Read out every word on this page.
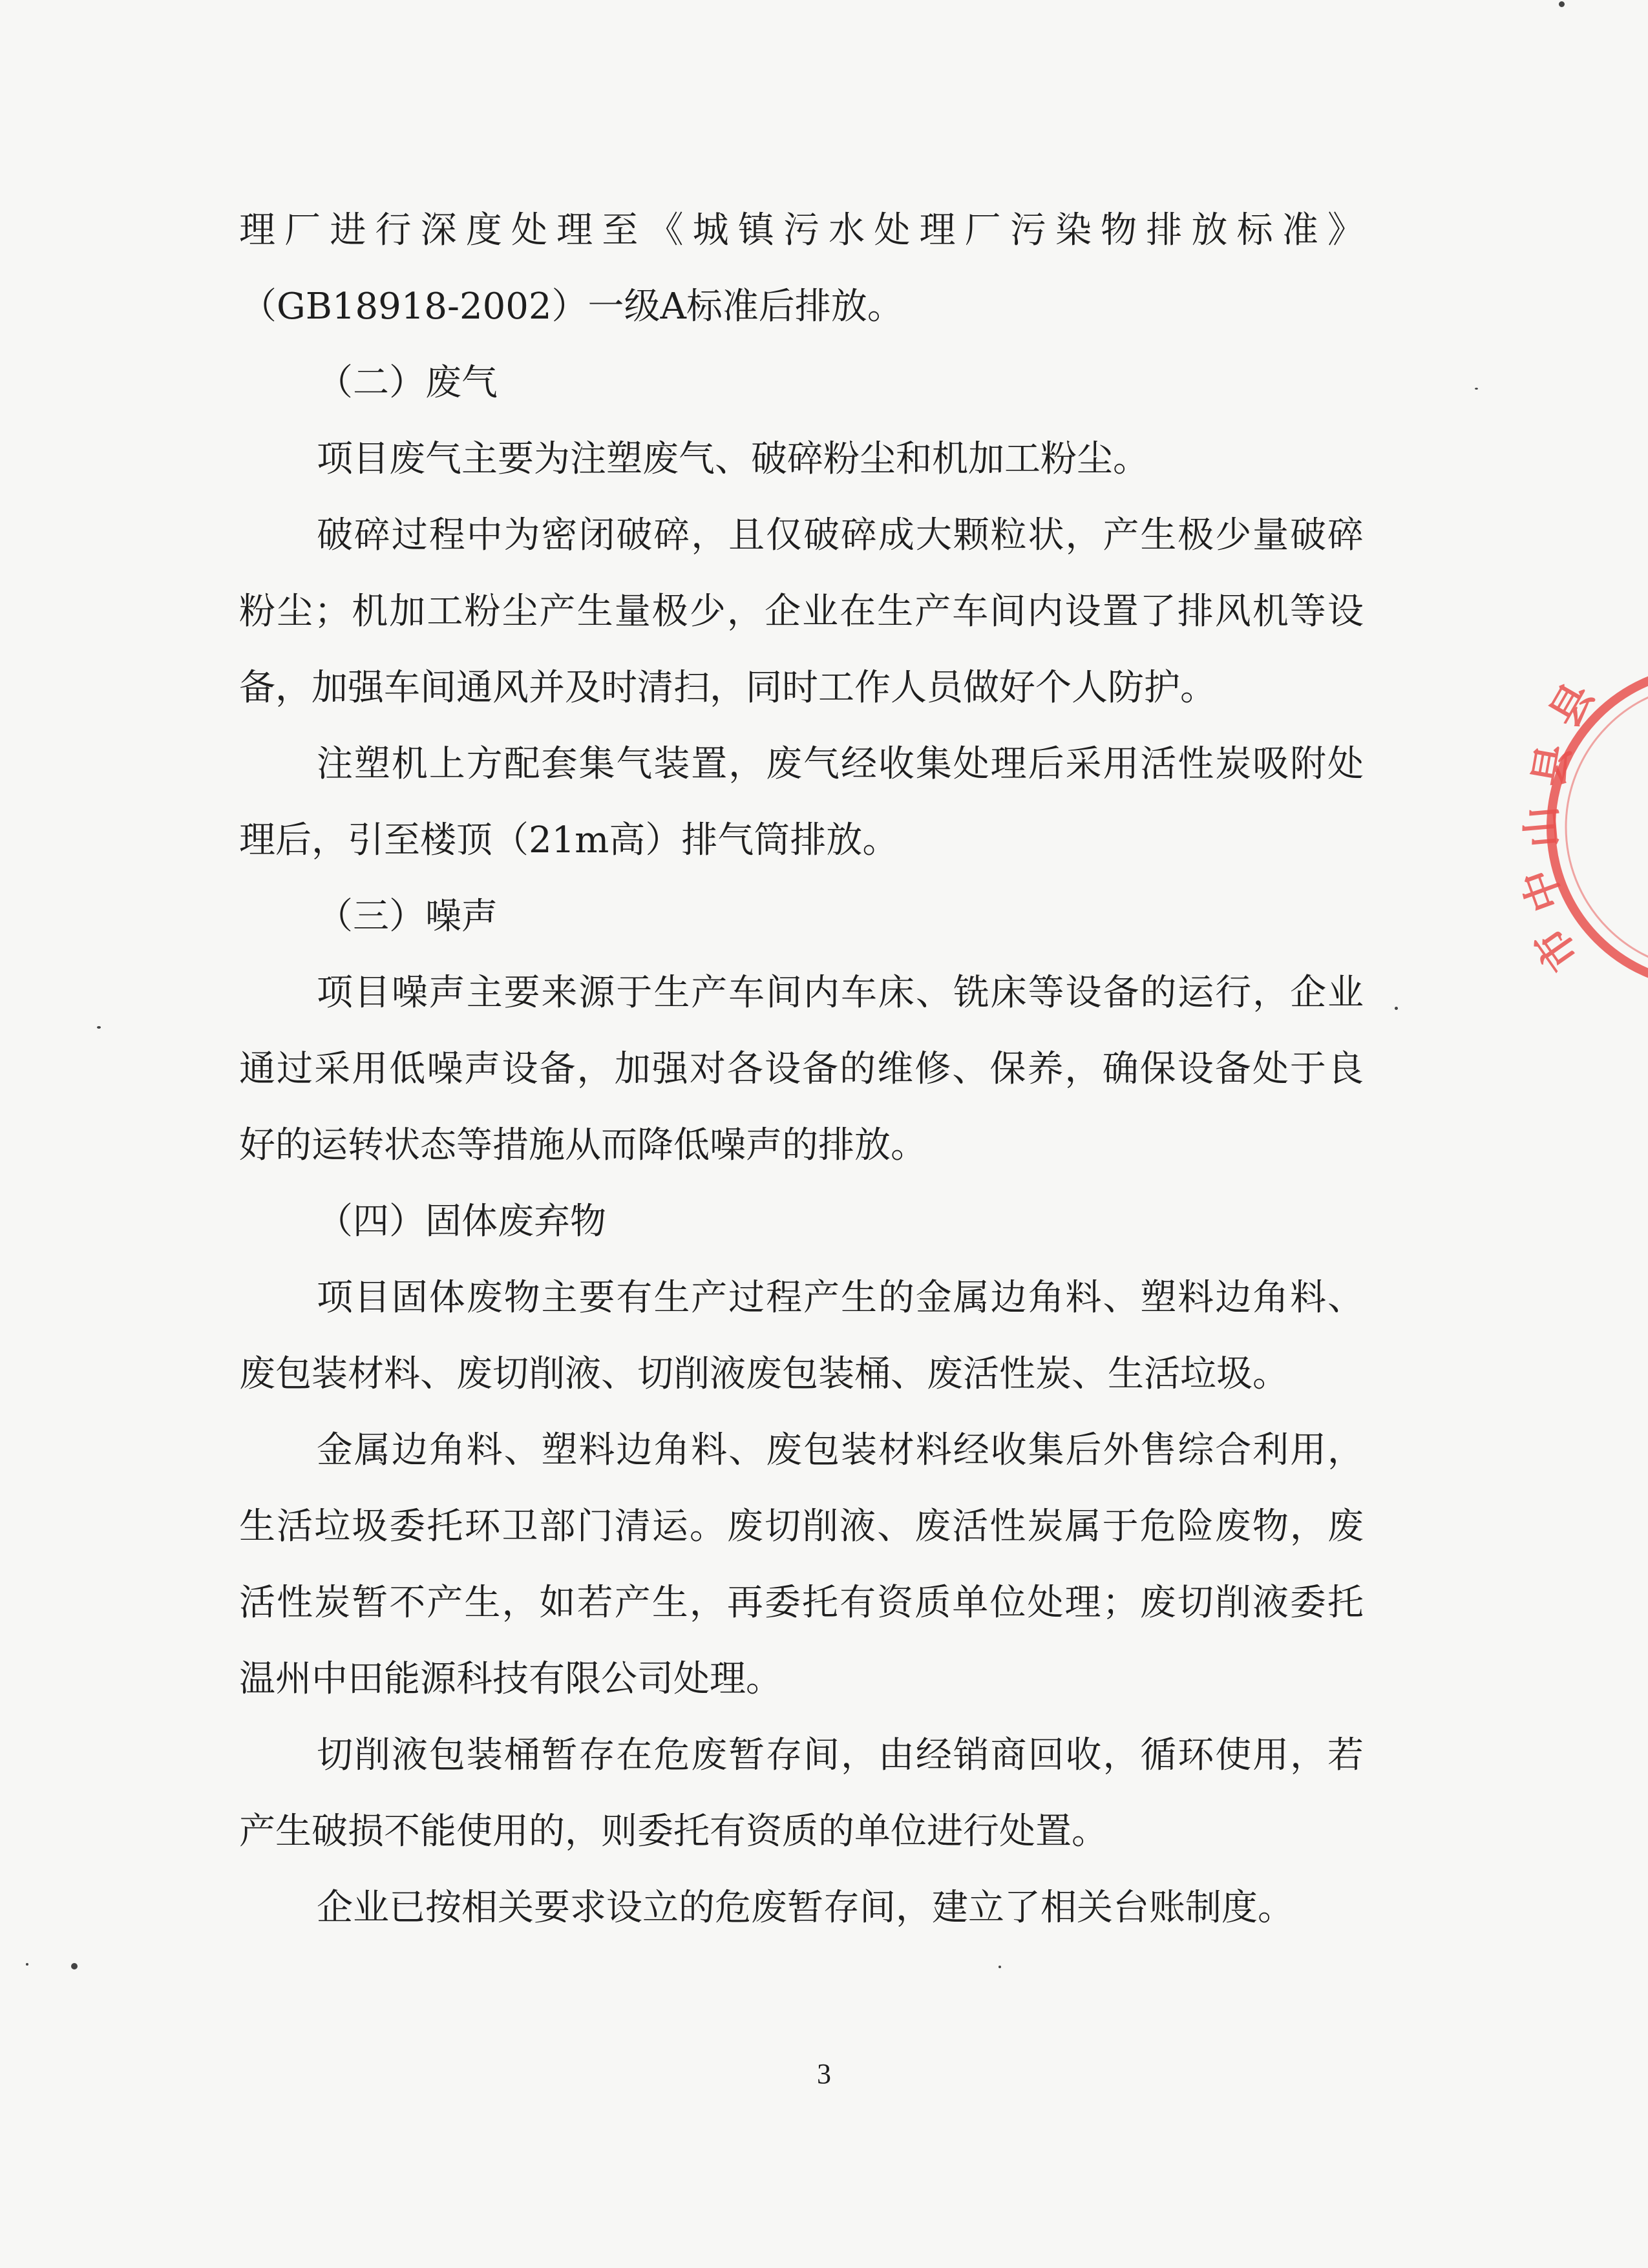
理厂进行深度处理至《城镇污水处理厂污染物排放标准》
（GB18918-2002）一级A标准后排放。
（二）废气
项目废气主要为注塑废气、破碎粉尘和机加工粉尘。
破碎过程中为密闭破碎，且仅破碎成大颗粒状，产生极少量破碎
粉尘；机加工粉尘产生量极少，企业在生产车间内设置了排风机等设
备，加强车间通风并及时清扫，同时工作人员做好个人防护。
注塑机上方配套集气装置，废气经收集处理后采用活性炭吸附处
理后，引至楼顶（21m高）排气筒排放。
（三）噪声
项目噪声主要来源于生产车间内车床、铣床等设备的运行，企业
通过采用低噪声设备，加强对各设备的维修、保养，确保设备处于良
好的运转状态等措施从而降低噪声的排放。
（四）固体废弃物
项目固体废物主要有生产过程产生的金属边角料、塑料边角料、
废包装材料、废切削液、切削液废包装桶、废活性炭、生活垃圾。
金属边角料、塑料边角料、废包装材料经收集后外售综合利用，
生活垃圾委托环卫部门清运。废切削液、废活性炭属于危险废物，废
活性炭暂不产生，如若产生，再委托有资质单位处理；废切削液委托
温州中田能源科技有限公司处理。
切削液包装桶暂存在危废暂存间，由经销商回收，循环使用，若
产生破损不能使用的，则委托有资质的单位进行处置。
企业已按相关要求设立的危废暂存间，建立了相关台账制度。
3
县
县
山
中
市
